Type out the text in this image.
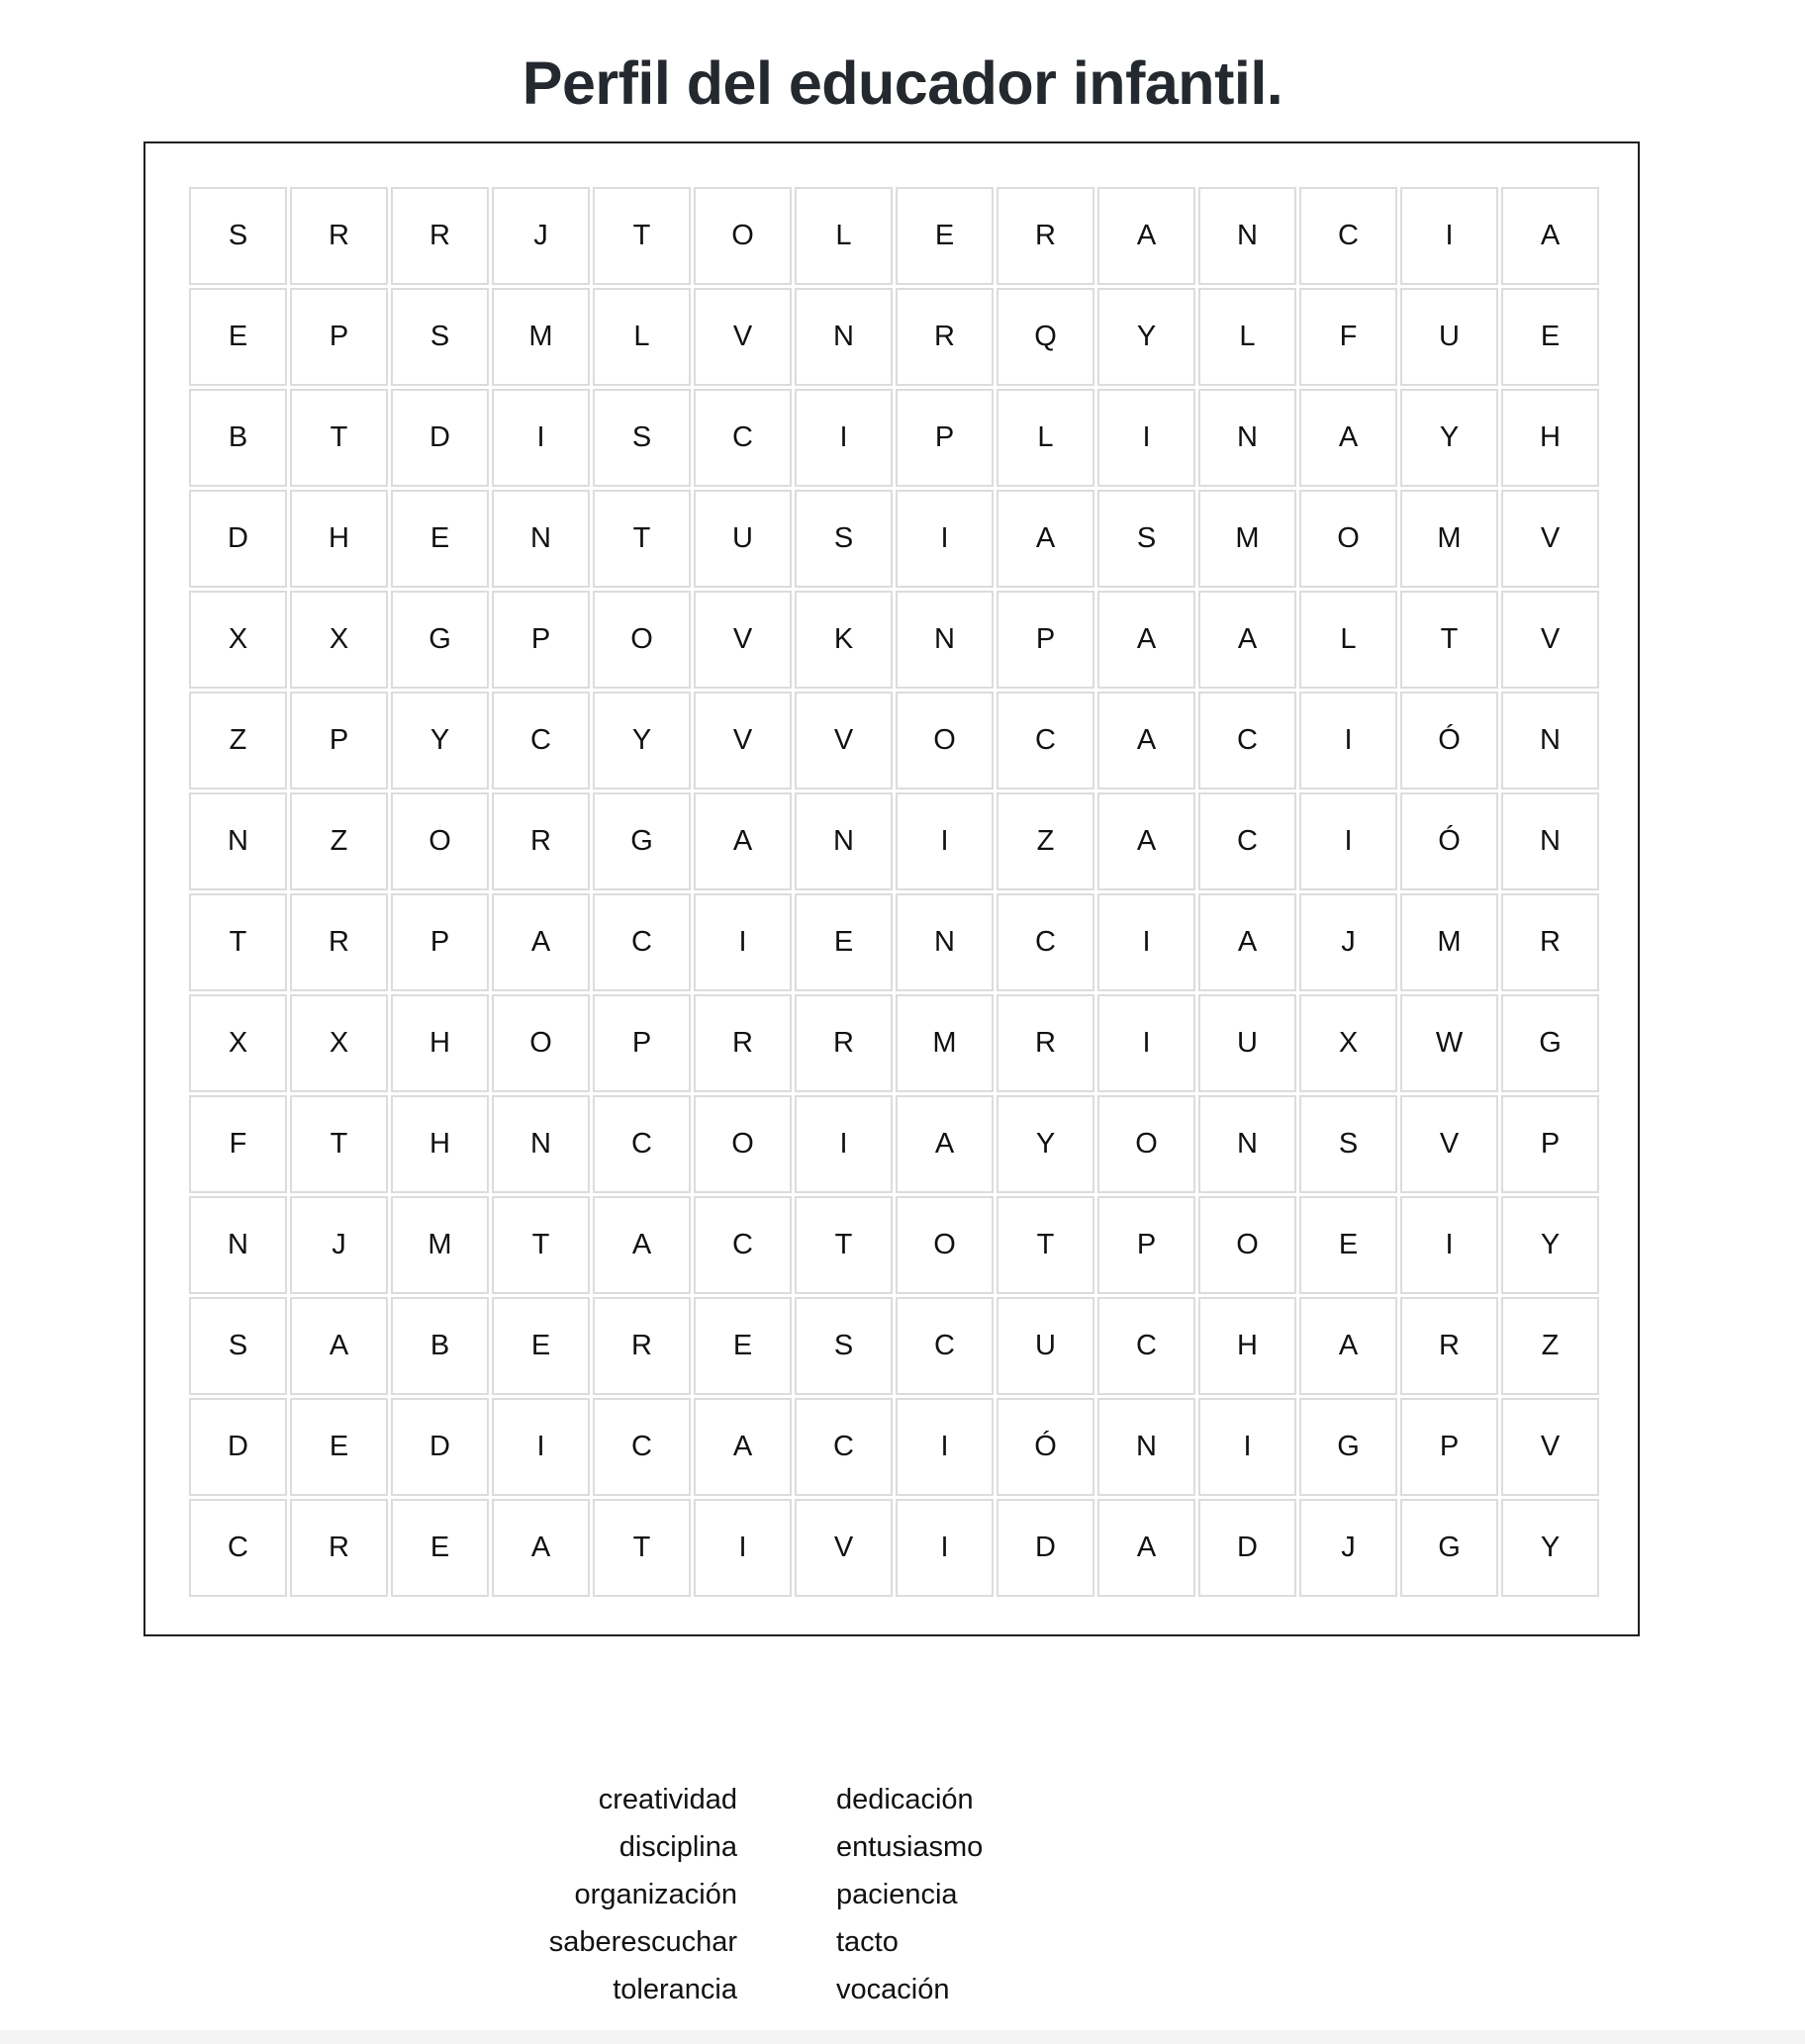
Perfil del educador infantil.
S	R	R	J	T	O	L	E	R	A	N	C	I	A
E	P	S	M	L	V	N	R	Q	Y	L	F	U	E
B	T	D	I	S	C	I	P	L	I	N	A	Y	H
D	H	E	N	T	U	S	I	A	S	M	O	M	V
X	X	G	P	O	V	K	N	P	A	A	L	T	V
Z	P	Y	C	Y	V	V	O	C	A	C	I	Ó	N
N	Z	O	R	G	A	N	I	Z	A	C	I	Ó	N
T	R	P	A	C	I	E	N	C	I	A	J	M	R
X	X	H	O	P	R	R	M	R	I	U	X	W	G
F	T	H	N	C	O	I	A	Y	O	N	S	V	P
N	J	M	T	A	C	T	O	T	P	O	E	I	Y
S	A	B	E	R	E	S	C	U	C	H	A	R	Z
D	E	D	I	C	A	C	I	Ó	N	I	G	P	V
C	R	E	A	T	I	V	I	D	A	D	J	G	Y
creatividad
disciplina
organización
saberescuchar
tolerancia
dedicación
entusiasmo
paciencia
tacto
vocación
